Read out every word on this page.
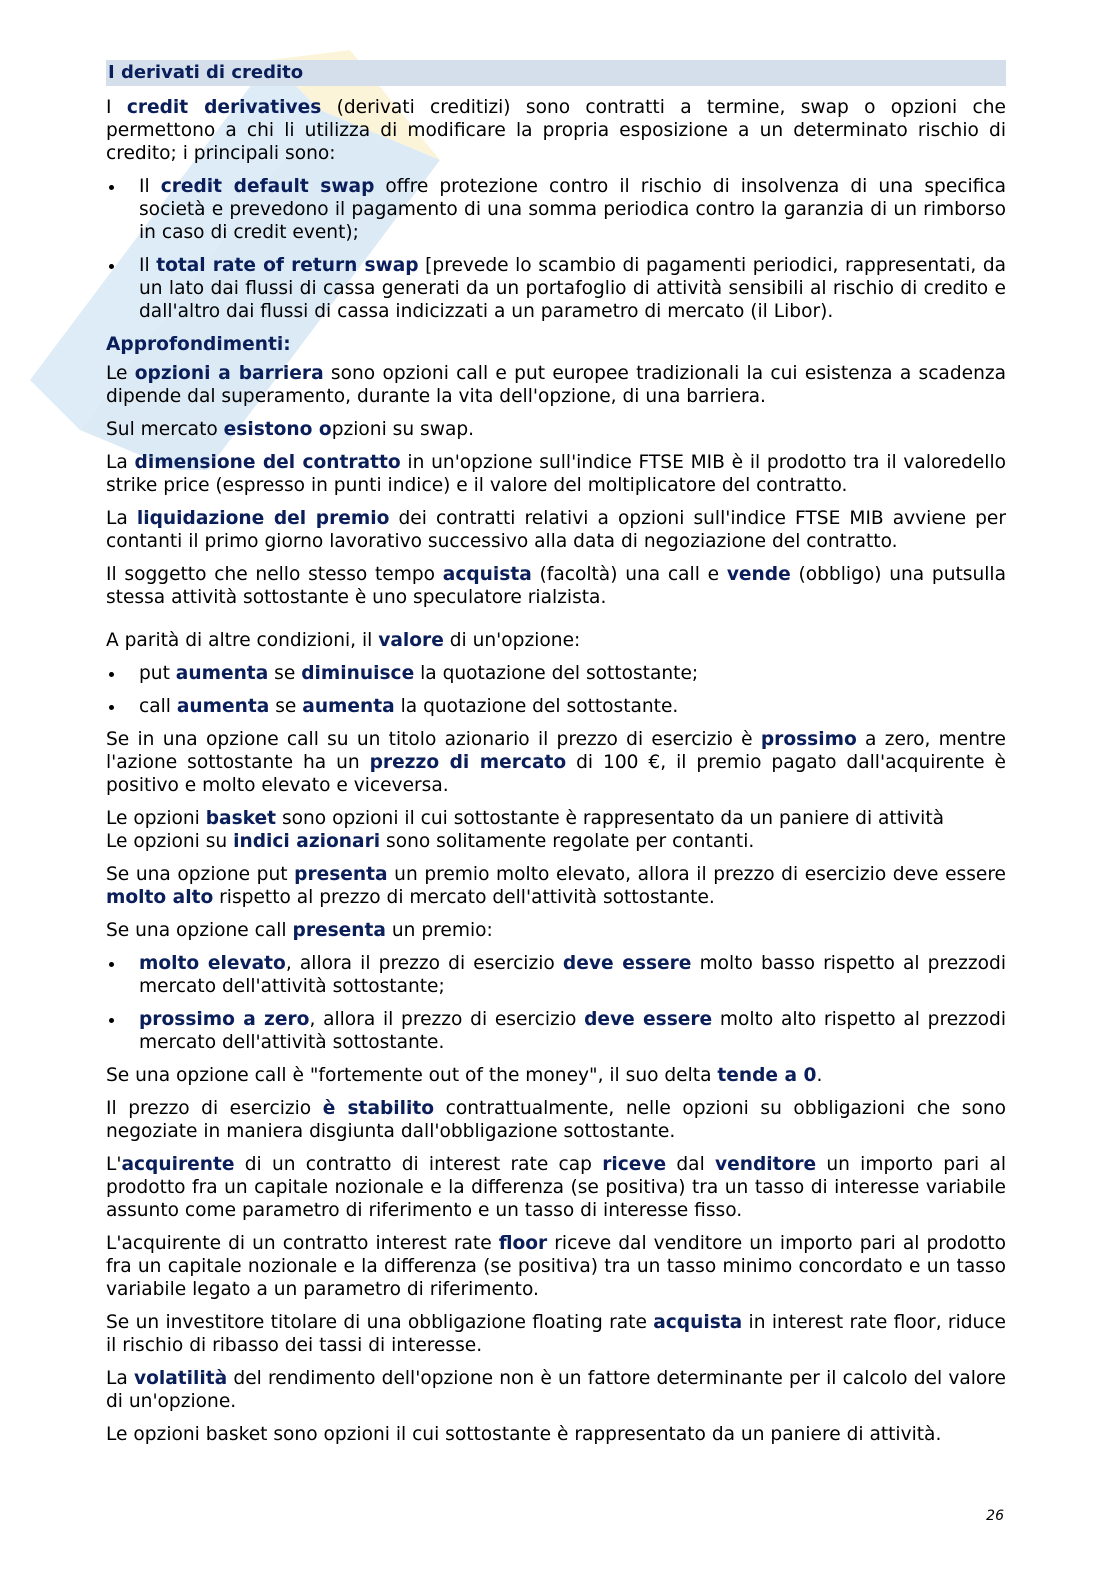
I derivati di credito

I credit derivatives (derivati creditizi) sono contratti a termine, swap o opzioni che permettono a chi li utilizza di modificare la propria esposizione a un determinato rischio di credito; i principali sono:

Il credit default swap offre protezione contro il rischio di insolvenza di una specifica società e prevedono il pagamento di una somma periodica contro la garanzia di un rimborso in caso di credit event);
Il total rate of return swap [prevede lo scambio di pagamenti periodici, rappresentati, da un lato dai flussi di cassa generati da un portafoglio di attività sensibili al rischio di credito e dall'altro dai flussi di cassa indicizzati a un parametro di mercato (il Libor).
Approfondimenti:

Le opzioni a barriera sono opzioni call e put europee tradizionali la cui esistenza a scadenza dipende dal superamento, durante la vita dell'opzione, di una barriera.

Sul mercato esistono opzioni su swap.

La dimensione del contratto in un'opzione sull'indice FTSE MIB è il prodotto tra il valoredello strike price (espresso in punti indice) e il valore del moltiplicatore del contratto.

La liquidazione del premio dei contratti relativi a opzioni sull'indice FTSE MIB avviene per contanti il primo giorno lavorativo successivo alla data di negoziazione del contratto.

Il soggetto che nello stesso tempo acquista (facoltà) una call e vende (obbligo) una putsulla stessa attività sottostante è uno speculatore rialzista.

A parità di altre condizioni, il valore di un'opzione:

put aumenta se diminuisce la quotazione del sottostante;
call aumenta se aumenta la quotazione del sottostante.

Se in una opzione call su un titolo azionario il prezzo di esercizio è prossimo a zero, mentre l'azione sottostante ha un prezzo di mercato di 100 €, il premio pagato dall'acquirente è positivo e molto elevato e viceversa.

Le opzioni basket sono opzioni il cui sottostante è rappresentato da un paniere di attività
Le opzioni su indici azionari sono solitamente regolate per contanti.

Se una opzione put presenta un premio molto elevato, allora il prezzo di esercizio deve essere molto alto rispetto al prezzo di mercato dell'attività sottostante.

Se una opzione call presenta un premio:

molto elevato, allora il prezzo di esercizio deve essere molto basso rispetto al prezzodi mercato dell'attività sottostante;
prossimo a zero, allora il prezzo di esercizio deve essere molto alto rispetto al prezzodi mercato dell'attività sottostante.

Se una opzione call è "fortemente out of the money", il suo delta tende a 0.

Il prezzo di esercizio è stabilito contrattualmente, nelle opzioni su obbligazioni che sono negoziate in maniera disgiunta dall'obbligazione sottostante.

L'acquirente di un contratto di interest rate cap riceve dal venditore un importo pari al prodotto fra un capitale nozionale e la differenza (se positiva) tra un tasso di interesse variabile assunto come parametro di riferimento e un tasso di interesse fisso.

L'acquirente di un contratto interest rate floor riceve dal venditore un importo pari al prodotto fra un capitale nozionale e la differenza (se positiva) tra un tasso minimo concordato e un tasso variabile legato a un parametro di riferimento.

Se un investitore titolare di una obbligazione floating rate acquista in interest rate floor, riduce il rischio di ribasso dei tassi di interesse.

La volatilità del rendimento dell'opzione non è un fattore determinante per il calcolo del valore di un'opzione.

Le opzioni basket sono opzioni il cui sottostante è rappresentato da un paniere di attività.

26
